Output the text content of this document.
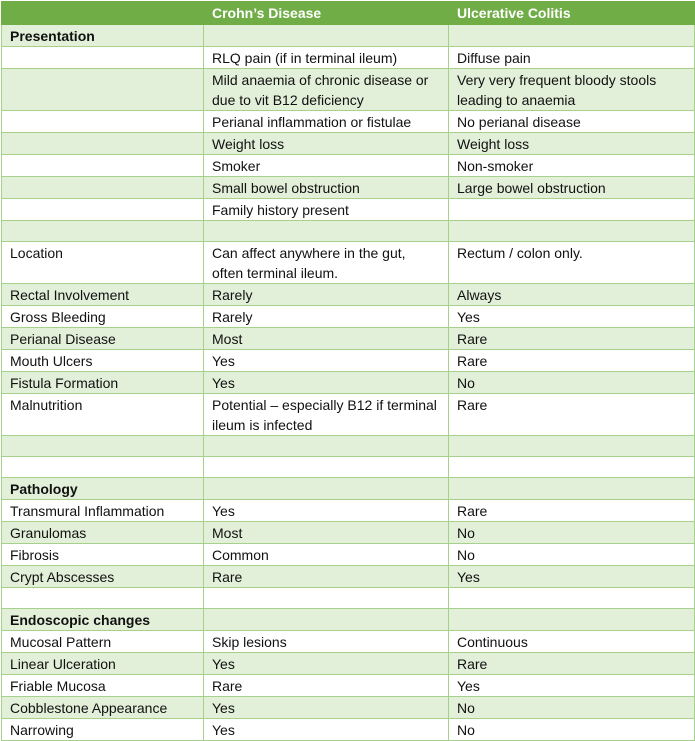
	Crohn’s Disease	Ulcerative Colitis
Presentation		
	RLQ pain (if in terminal ileum)	Diffuse pain
	Mild anaemia of chronic disease or due to vit B12 deficiency	Very very frequent bloody stools leading to anaemia
	Perianal inflammation or fistulae	No perianal disease
	Weight loss	Weight loss
	Smoker	Non-smoker
	Small bowel obstruction	Large bowel obstruction
	Family history present	

Location	Can affect anywhere in the gut, often terminal ileum.	Rectum / colon only.
Rectal Involvement	Rarely	Always
Gross Bleeding	Rarely	Yes
Perianal Disease	Most	Rare
Mouth Ulcers	Yes	Rare
Fistula Formation	Yes	No
Malnutrition	Potential – especially B12 if terminal ileum is infected	Rare

Pathology		
Transmural Inflammation	Yes	Rare
Granulomas	Most	No
Fibrosis	Common	No
Crypt Abscesses	Rare	Yes

Endoscopic changes		
Mucosal Pattern	Skip lesions	Continuous
Linear Ulceration	Yes	Rare
Friable Mucosa	Rare	Yes
Cobblestone Appearance	Yes	No
Narrowing	Yes	No
